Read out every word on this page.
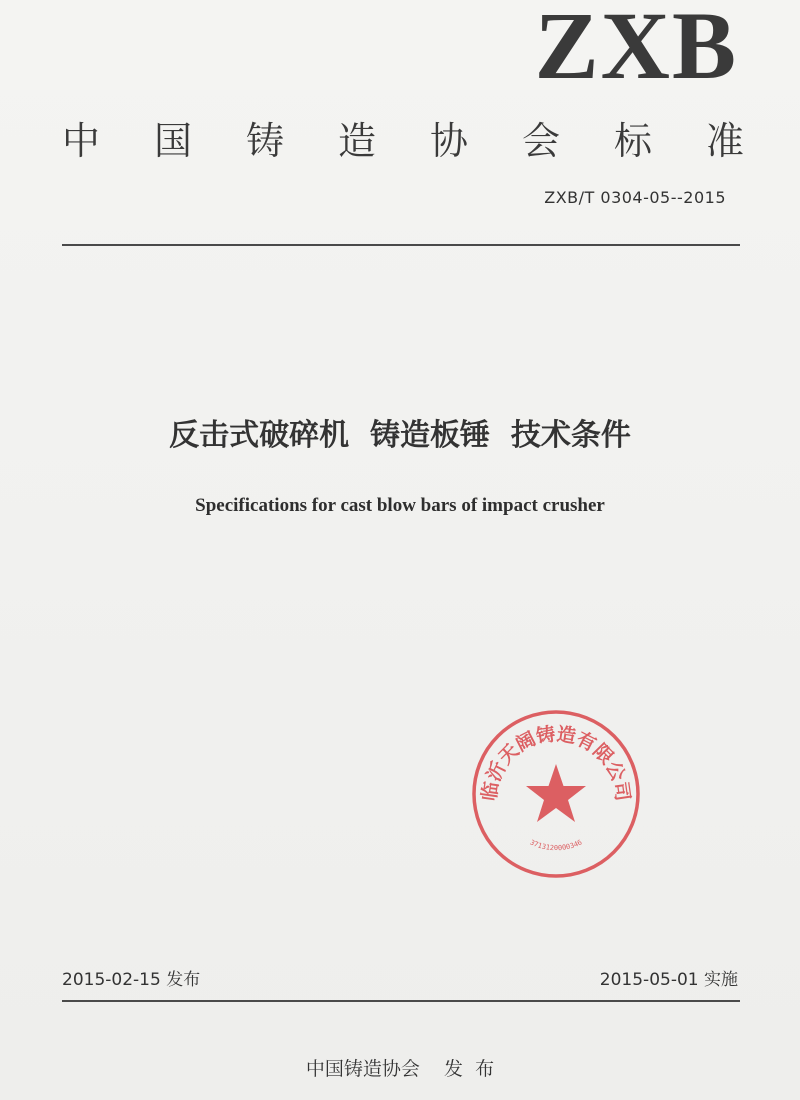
ZXB
中国铸造协会标准
ZXB/T 0304-05--2015
反击式破碎机  铸造板锤  技术条件
Specifications for cast blow bars of impact crusher
临沂天阔铸造有限公司
3713120000346
2015-02-15 发布	2015-05-01 实施
中国铸造协会    发  布
